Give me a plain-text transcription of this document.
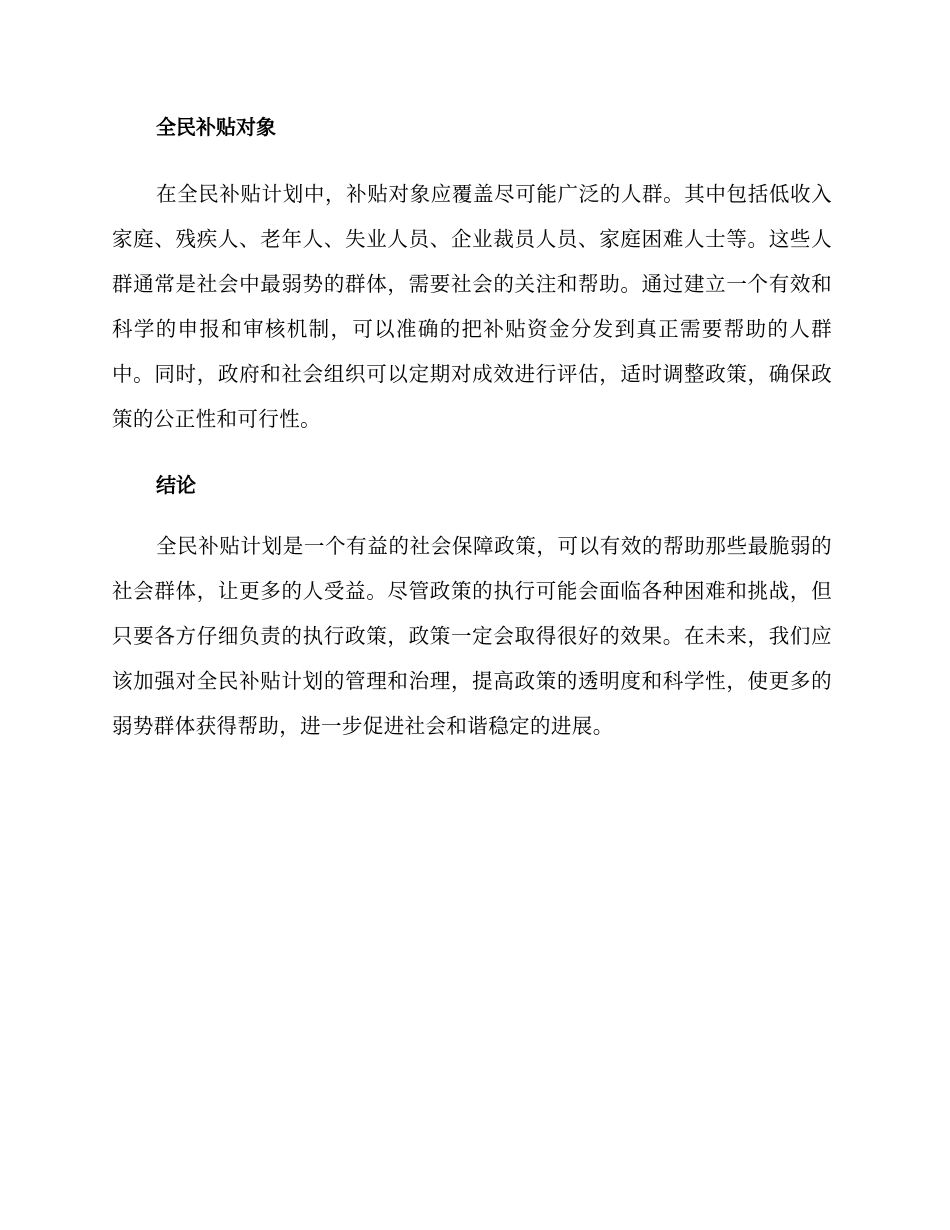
全民补贴对象

在全民补贴计划中，补贴对象应覆盖尽可能广泛的人群。其中包括低收入家庭、残疾人、老年人、失业人员、企业裁员人员、家庭困难人士等。这些人群通常是社会中最弱势的群体，需要社会的关注和帮助。通过建立一个有效和科学的申报和审核机制，可以准确的把补贴资金分发到真正需要帮助的人群中。同时，政府和社会组织可以定期对成效进行评估，适时调整政策，确保政策的公正性和可行性。

结论

全民补贴计划是一个有益的社会保障政策，可以有效的帮助那些最脆弱的社会群体，让更多的人受益。尽管政策的执行可能会面临各种困难和挑战，但只要各方仔细负责的执行政策，政策一定会取得很好的效果。在未来，我们应该加强对全民补贴计划的管理和治理，提高政策的透明度和科学性，使更多的弱势群体获得帮助，进一步促进社会和谐稳定的进展。
